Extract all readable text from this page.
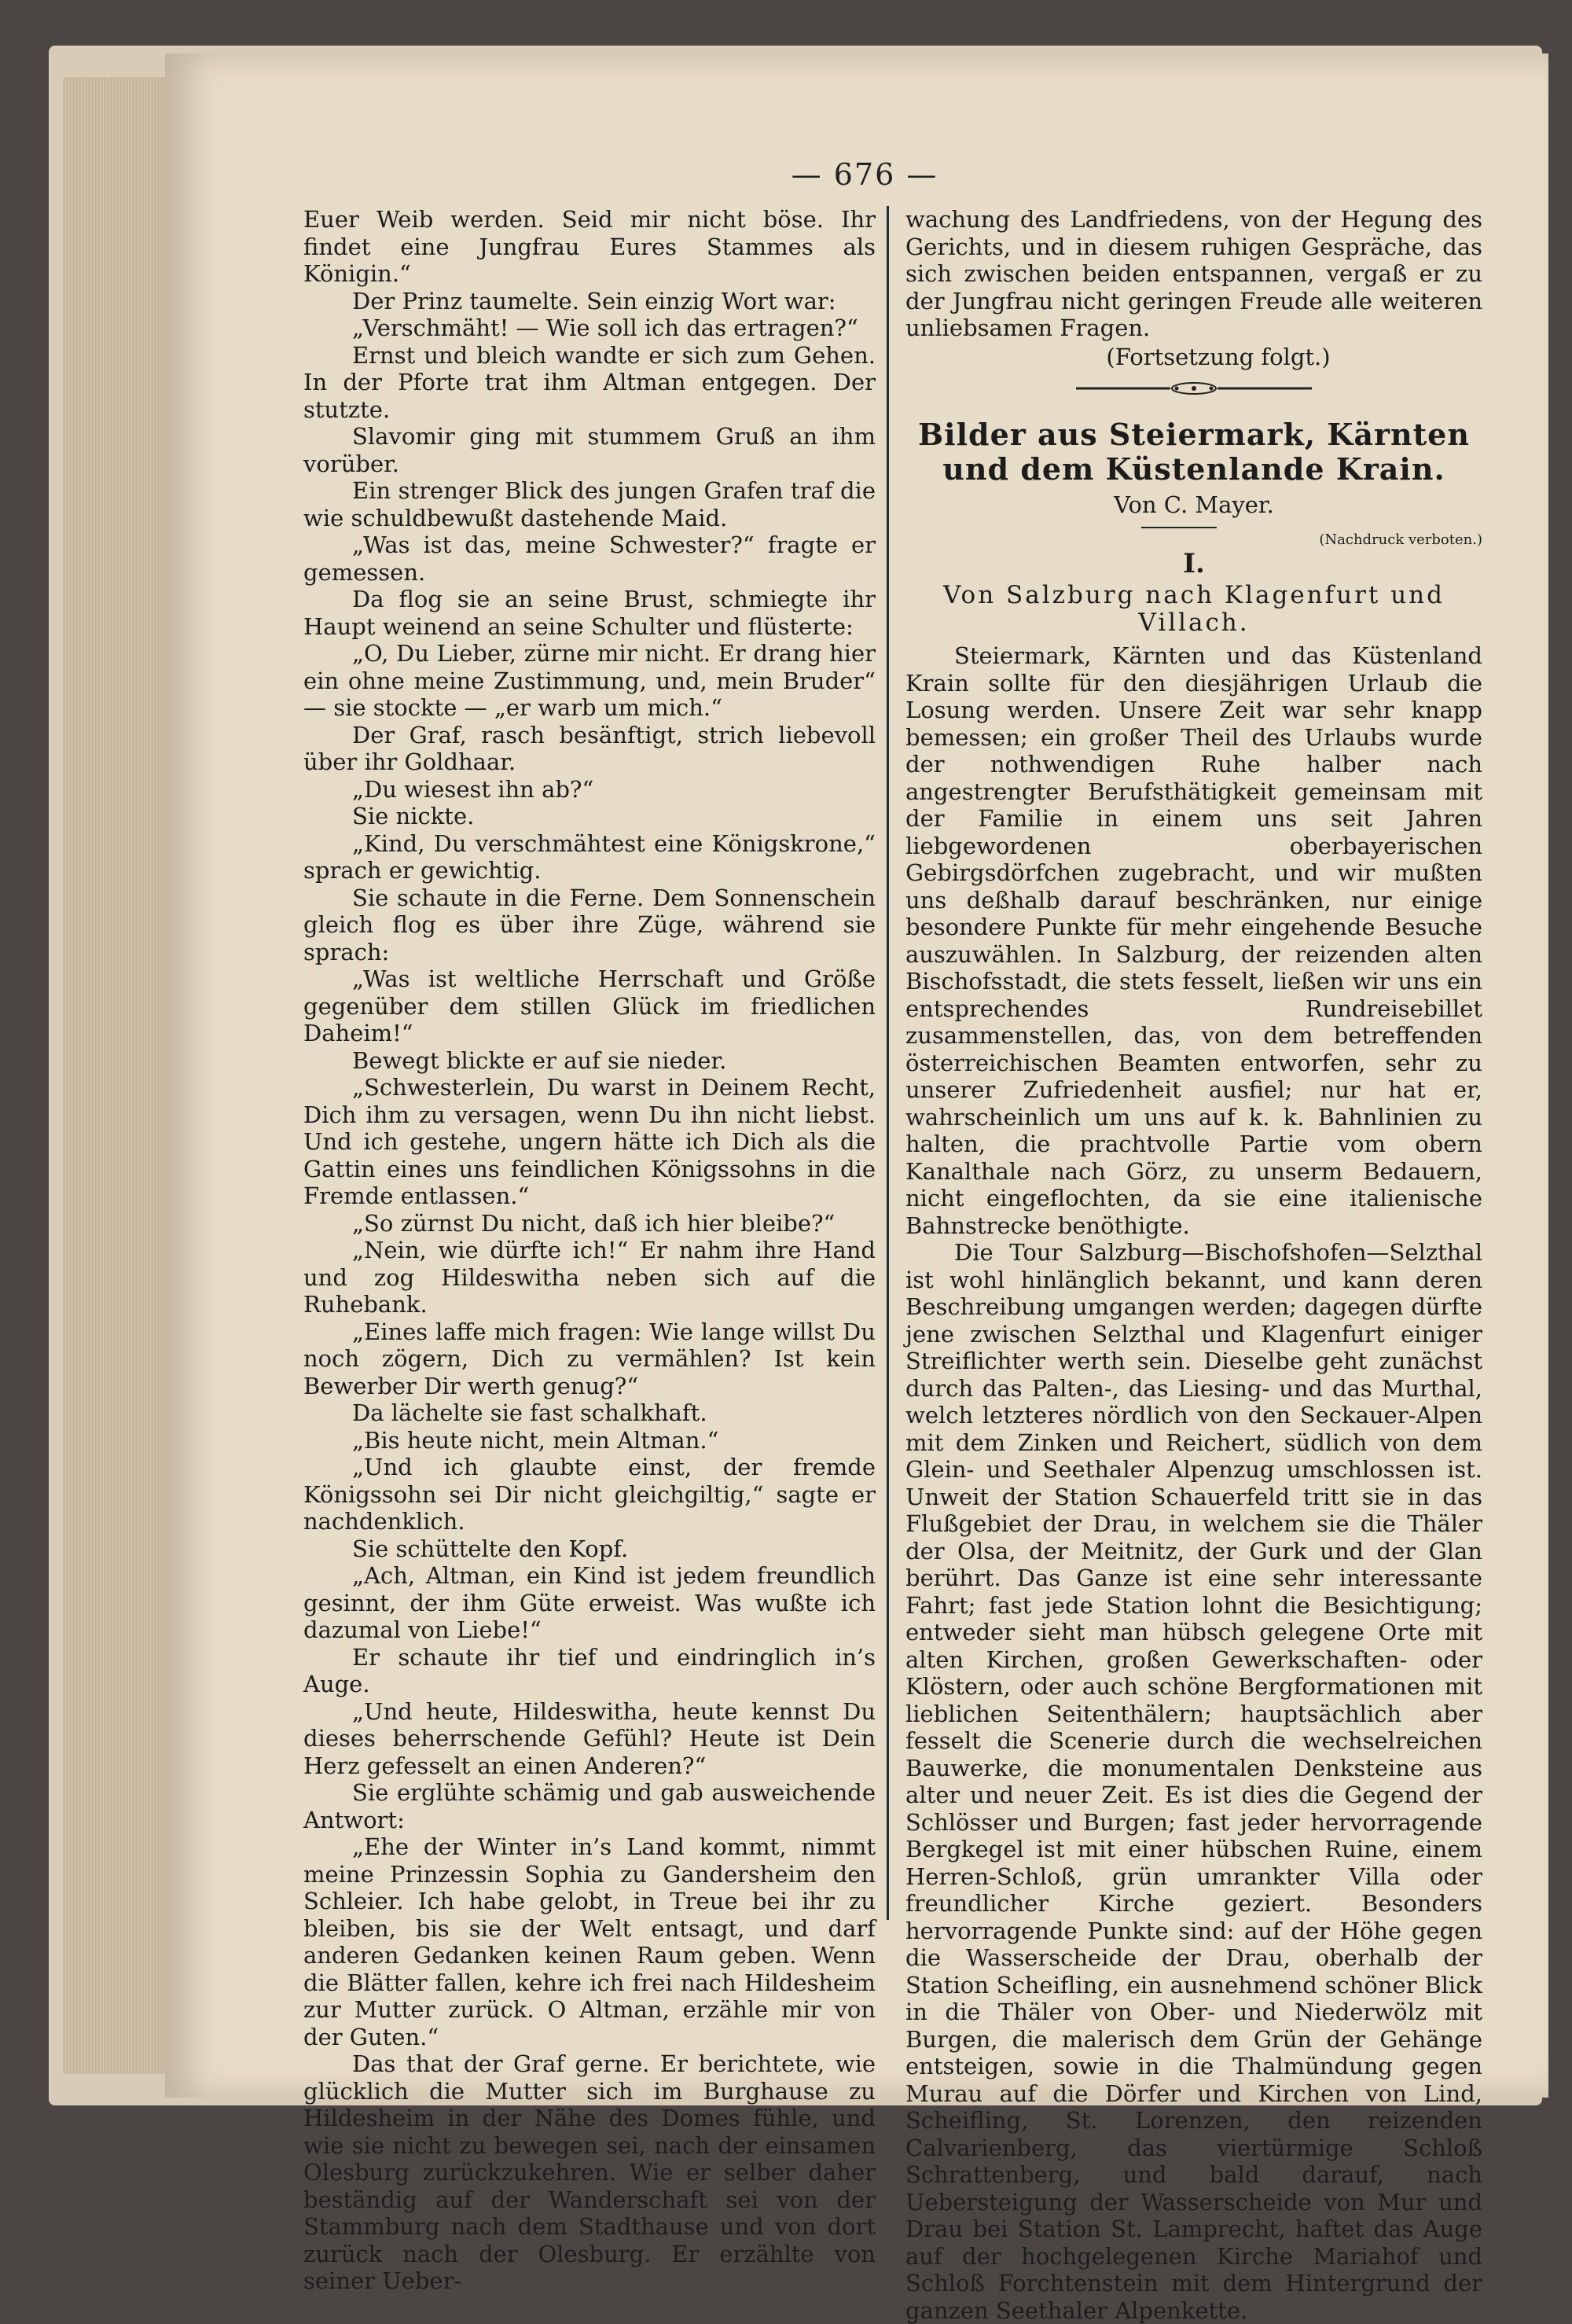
— 676 —

Euer Weib werden. Seid mir nicht böse. Ihr findet eine Jungfrau Eures Stammes als Königin.“

Der Prinz taumelte. Sein einzig Wort war:

„Verschmäht! — Wie soll ich das ertragen?“

Ernst und bleich wandte er sich zum Gehen. In der Pforte trat ihm Altman entgegen. Der stutzte.

Slavomir ging mit stummem Gruß an ihm vorüber.

Ein strenger Blick des jungen Grafen traf die wie schuldbewußt dastehende Maid.

„Was ist das, meine Schwester?“ fragte er gemessen.

Da flog sie an seine Brust, schmiegte ihr Haupt weinend an seine Schulter und flüsterte:

„O, Du Lieber, zürne mir nicht. Er drang hier ein ohne meine Zustimmung, und, mein Bruder“ — sie stockte — „er warb um mich.“

Der Graf, rasch besänftigt, strich liebevoll über ihr Goldhaar.

„Du wiesest ihn ab?“

Sie nickte.

„Kind, Du verschmähtest eine Königskrone,“ sprach er gewichtig.

Sie schaute in die Ferne. Dem Sonnenschein gleich flog es über ihre Züge, während sie sprach:

„Was ist weltliche Herrschaft und Größe gegenüber dem stillen Glück im friedlichen Daheim!“

Bewegt blickte er auf sie nieder.

„Schwesterlein, Du warst in Deinem Recht, Dich ihm zu versagen, wenn Du ihn nicht liebst. Und ich gestehe, ungern hätte ich Dich als die Gattin eines uns feindlichen Königssohns in die Fremde entlassen.“

„So zürnst Du nicht, daß ich hier bleibe?“

„Nein, wie dürfte ich!“ Er nahm ihre Hand und zog Hildeswitha neben sich auf die Ruhebank.

„Eines laffe mich fragen: Wie lange willst Du noch zögern, Dich zu vermählen? Ist kein Bewerber Dir werth genug?“

Da lächelte sie fast schalkhaft.

„Bis heute nicht, mein Altman.“

„Und ich glaubte einst, der fremde Königssohn sei Dir nicht gleichgiltig,“ sagte er nachdenklich.

Sie schüttelte den Kopf.

„Ach, Altman, ein Kind ist jedem freundlich gesinnt, der ihm Güte erweist. Was wußte ich dazumal von Liebe!“

Er schaute ihr tief und eindringlich in’s Auge.

„Und heute, Hildeswitha, heute kennst Du dieses beherrschende Gefühl? Heute ist Dein Herz gefesselt an einen Anderen?“

Sie erglühte schämig und gab ausweichende Antwort:

„Ehe der Winter in’s Land kommt, nimmt meine Prinzessin Sophia zu Gandersheim den Schleier. Ich habe gelobt, in Treue bei ihr zu bleiben, bis sie der Welt entsagt, und darf anderen Gedanken keinen Raum geben. Wenn die Blätter fallen, kehre ich frei nach Hildesheim zur Mutter zurück. O Altman, erzähle mir von der Guten.“

Das that der Graf gerne. Er berichtete, wie glücklich die Mutter sich im Burghause zu Hildesheim in der Nähe des Domes fühle, und wie sie nicht zu bewegen sei, nach der einsamen Olesburg zurückzukehren. Wie er selber daher beständig auf der Wanderschaft sei von der Stammburg nach dem Stadthause und von dort zurück nach der Olesburg. Er erzählte von seiner Ueber-

wachung des Landfriedens, von der Hegung des Gerichts, und in diesem ruhigen Gespräche, das sich zwischen beiden entspannen, vergaß er zu der Jungfrau nicht geringen Freude alle weiteren unliebsamen Fragen.

(Fortsetzung folgt.)

Bilder aus Steiermark, Kärnten und dem Küstenlande Krain.
Von C. Mayer.
(Nachdruck verboten.)
I.
Von Salzburg nach Klagenfurt und Villach.

Steiermark, Kärnten und das Küstenland Krain sollte für den diesjährigen Urlaub die Losung werden. Unsere Zeit war sehr knapp bemessen; ein großer Theil des Urlaubs wurde der nothwendigen Ruhe halber nach angestrengter Berufsthätigkeit gemeinsam mit der Familie in einem uns seit Jahren liebgewordenen oberbayerischen Gebirgsdörfchen zugebracht, und wir mußten uns deßhalb darauf beschränken, nur einige besondere Punkte für mehr eingehende Besuche auszuwählen. In Salzburg, der reizenden alten Bischofsstadt, die stets fesselt, ließen wir uns ein entsprechendes Rundreisebillet zusammenstellen, das, von dem betreffenden österreichischen Beamten entworfen, sehr zu unserer Zufriedenheit ausfiel; nur hat er, wahrscheinlich um uns auf k. k. Bahnlinien zu halten, die prachtvolle Partie vom obern Kanalthale nach Görz, zu unserm Bedauern, nicht eingeflochten, da sie eine italienische Bahnstrecke benöthigte.

Die Tour Salzburg—Bischofshofen—Selzthal ist wohl hinlänglich bekannt, und kann deren Beschreibung umgangen werden; dagegen dürfte jene zwischen Selzthal und Klagenfurt einiger Streiflichter werth sein. Dieselbe geht zunächst durch das Palten-, das Liesing- und das Murthal, welch letzteres nördlich von den Seckauer-Alpen mit dem Zinken und Reichert, südlich von dem Glein- und Seethaler Alpenzug umschlossen ist. Unweit der Station Schauerfeld tritt sie in das Flußgebiet der Drau, in welchem sie die Thäler der Olsa, der Meitnitz, der Gurk und der Glan berührt. Das Ganze ist eine sehr interessante Fahrt; fast jede Station lohnt die Besichtigung; entweder sieht man hübsch gelegene Orte mit alten Kirchen, großen Gewerkschaften- oder Klöstern, oder auch schöne Bergformationen mit lieblichen Seitenthälern; hauptsächlich aber fesselt die Scenerie durch die wechselreichen Bauwerke, die monumentalen Denksteine aus alter und neuer Zeit. Es ist dies die Gegend der Schlösser und Burgen; fast jeder hervorragende Bergkegel ist mit einer hübschen Ruine, einem Herren-Schloß, grün umrankter Villa oder freundlicher Kirche geziert. Besonders hervorragende Punkte sind: auf der Höhe gegen die Wasserscheide der Drau, oberhalb der Station Scheifling, ein ausnehmend schöner Blick in die Thäler von Ober- und Niederwölz mit Burgen, die malerisch dem Grün der Gehänge entsteigen, sowie in die Thalmündung gegen Murau auf die Dörfer und Kirchen von Lind, Scheifling, St. Lorenzen, den reizenden Calvarienberg, das viertürmige Schloß Schrattenberg, und bald darauf, nach Uebersteigung der Wasserscheide von Mur und Drau bei Station St. Lamprecht, haftet das Auge auf der hochgelegenen Kirche Mariahof und Schloß Forchtenstein mit dem Hintergrund der ganzen Seethaler Alpenkette.
